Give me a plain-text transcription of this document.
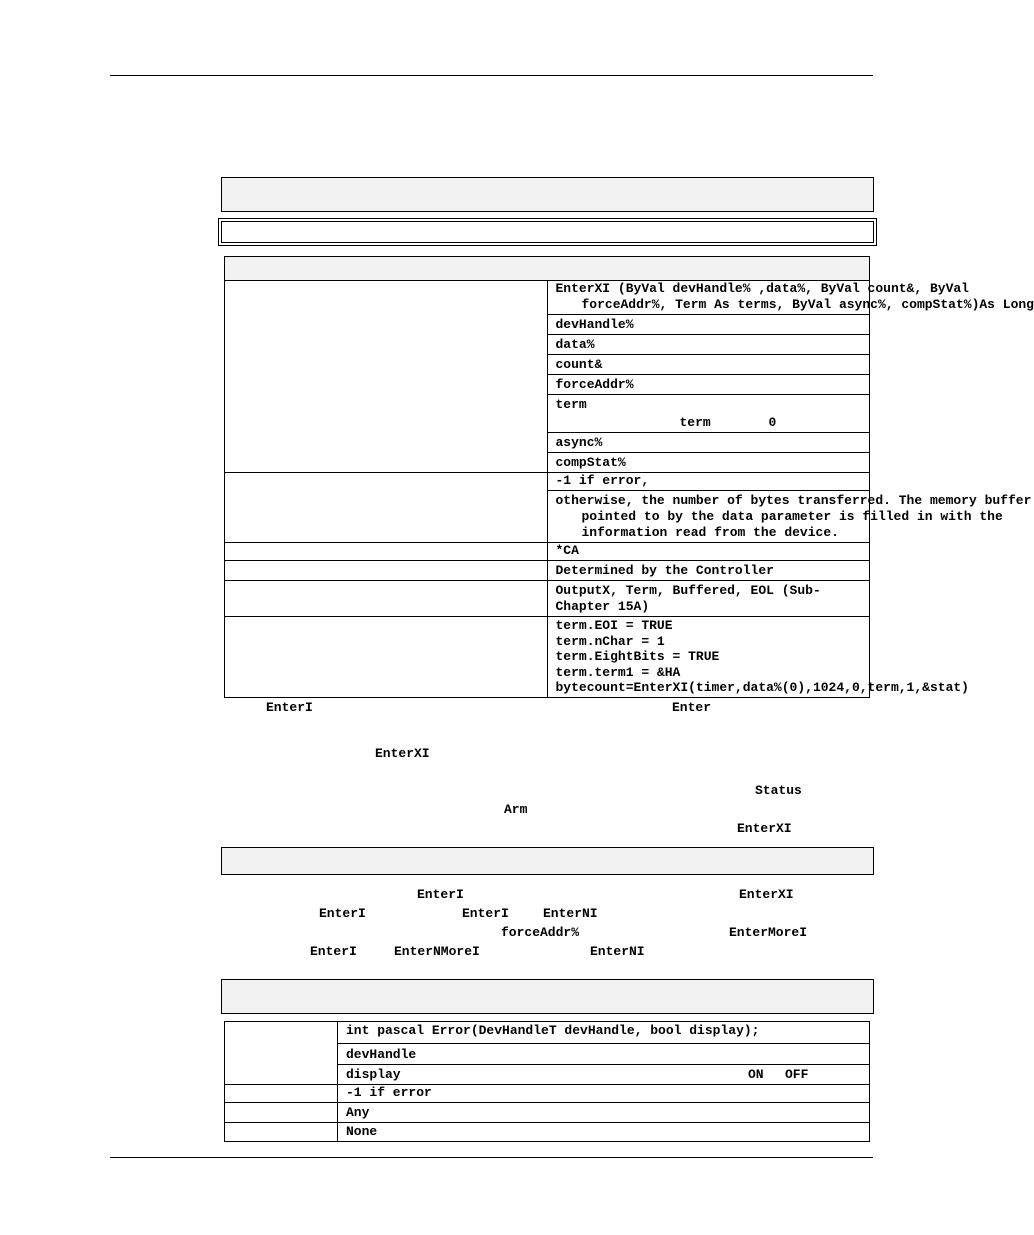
	EnterXI (ByVal devHandle% ,data%, ByVal count&, ByVal
forceAddr%, Term As terms, ByVal async%, compStat%)As Long

	devHandle%
	data%
	count&
	forceAddr%

	term
term 0

	async%
	compStat%
	-1 if error,

	otherwise, the number of bytes transferred. The memory buffer
pointed to by the data parameter is filled in with the
information read from the device.

	*CA
	Determined by the Controller
	OutputX, Term, Buffered, EOL (Sub-Chapter 15A)

	term.EOI = TRUE
term.nChar = 1
term.EightBits = TRUE
term.term1 = &HA
bytecount=EnterXI(timer,data%(0),1024,0,term,1,&stat)
EnterI	Enter
EnterXI
Status
Arm
EnterXI
EnterI	EnterXI
EnterI	EnterI	EnterNI
forceAddr%	EnterMoreI
EnterI	EnterNMoreI	EnterNI
	int pascal Error(DevHandleT devHandle, bool display);
	devHandle
	display ON OFF

	-1 if error
	Any
	None
